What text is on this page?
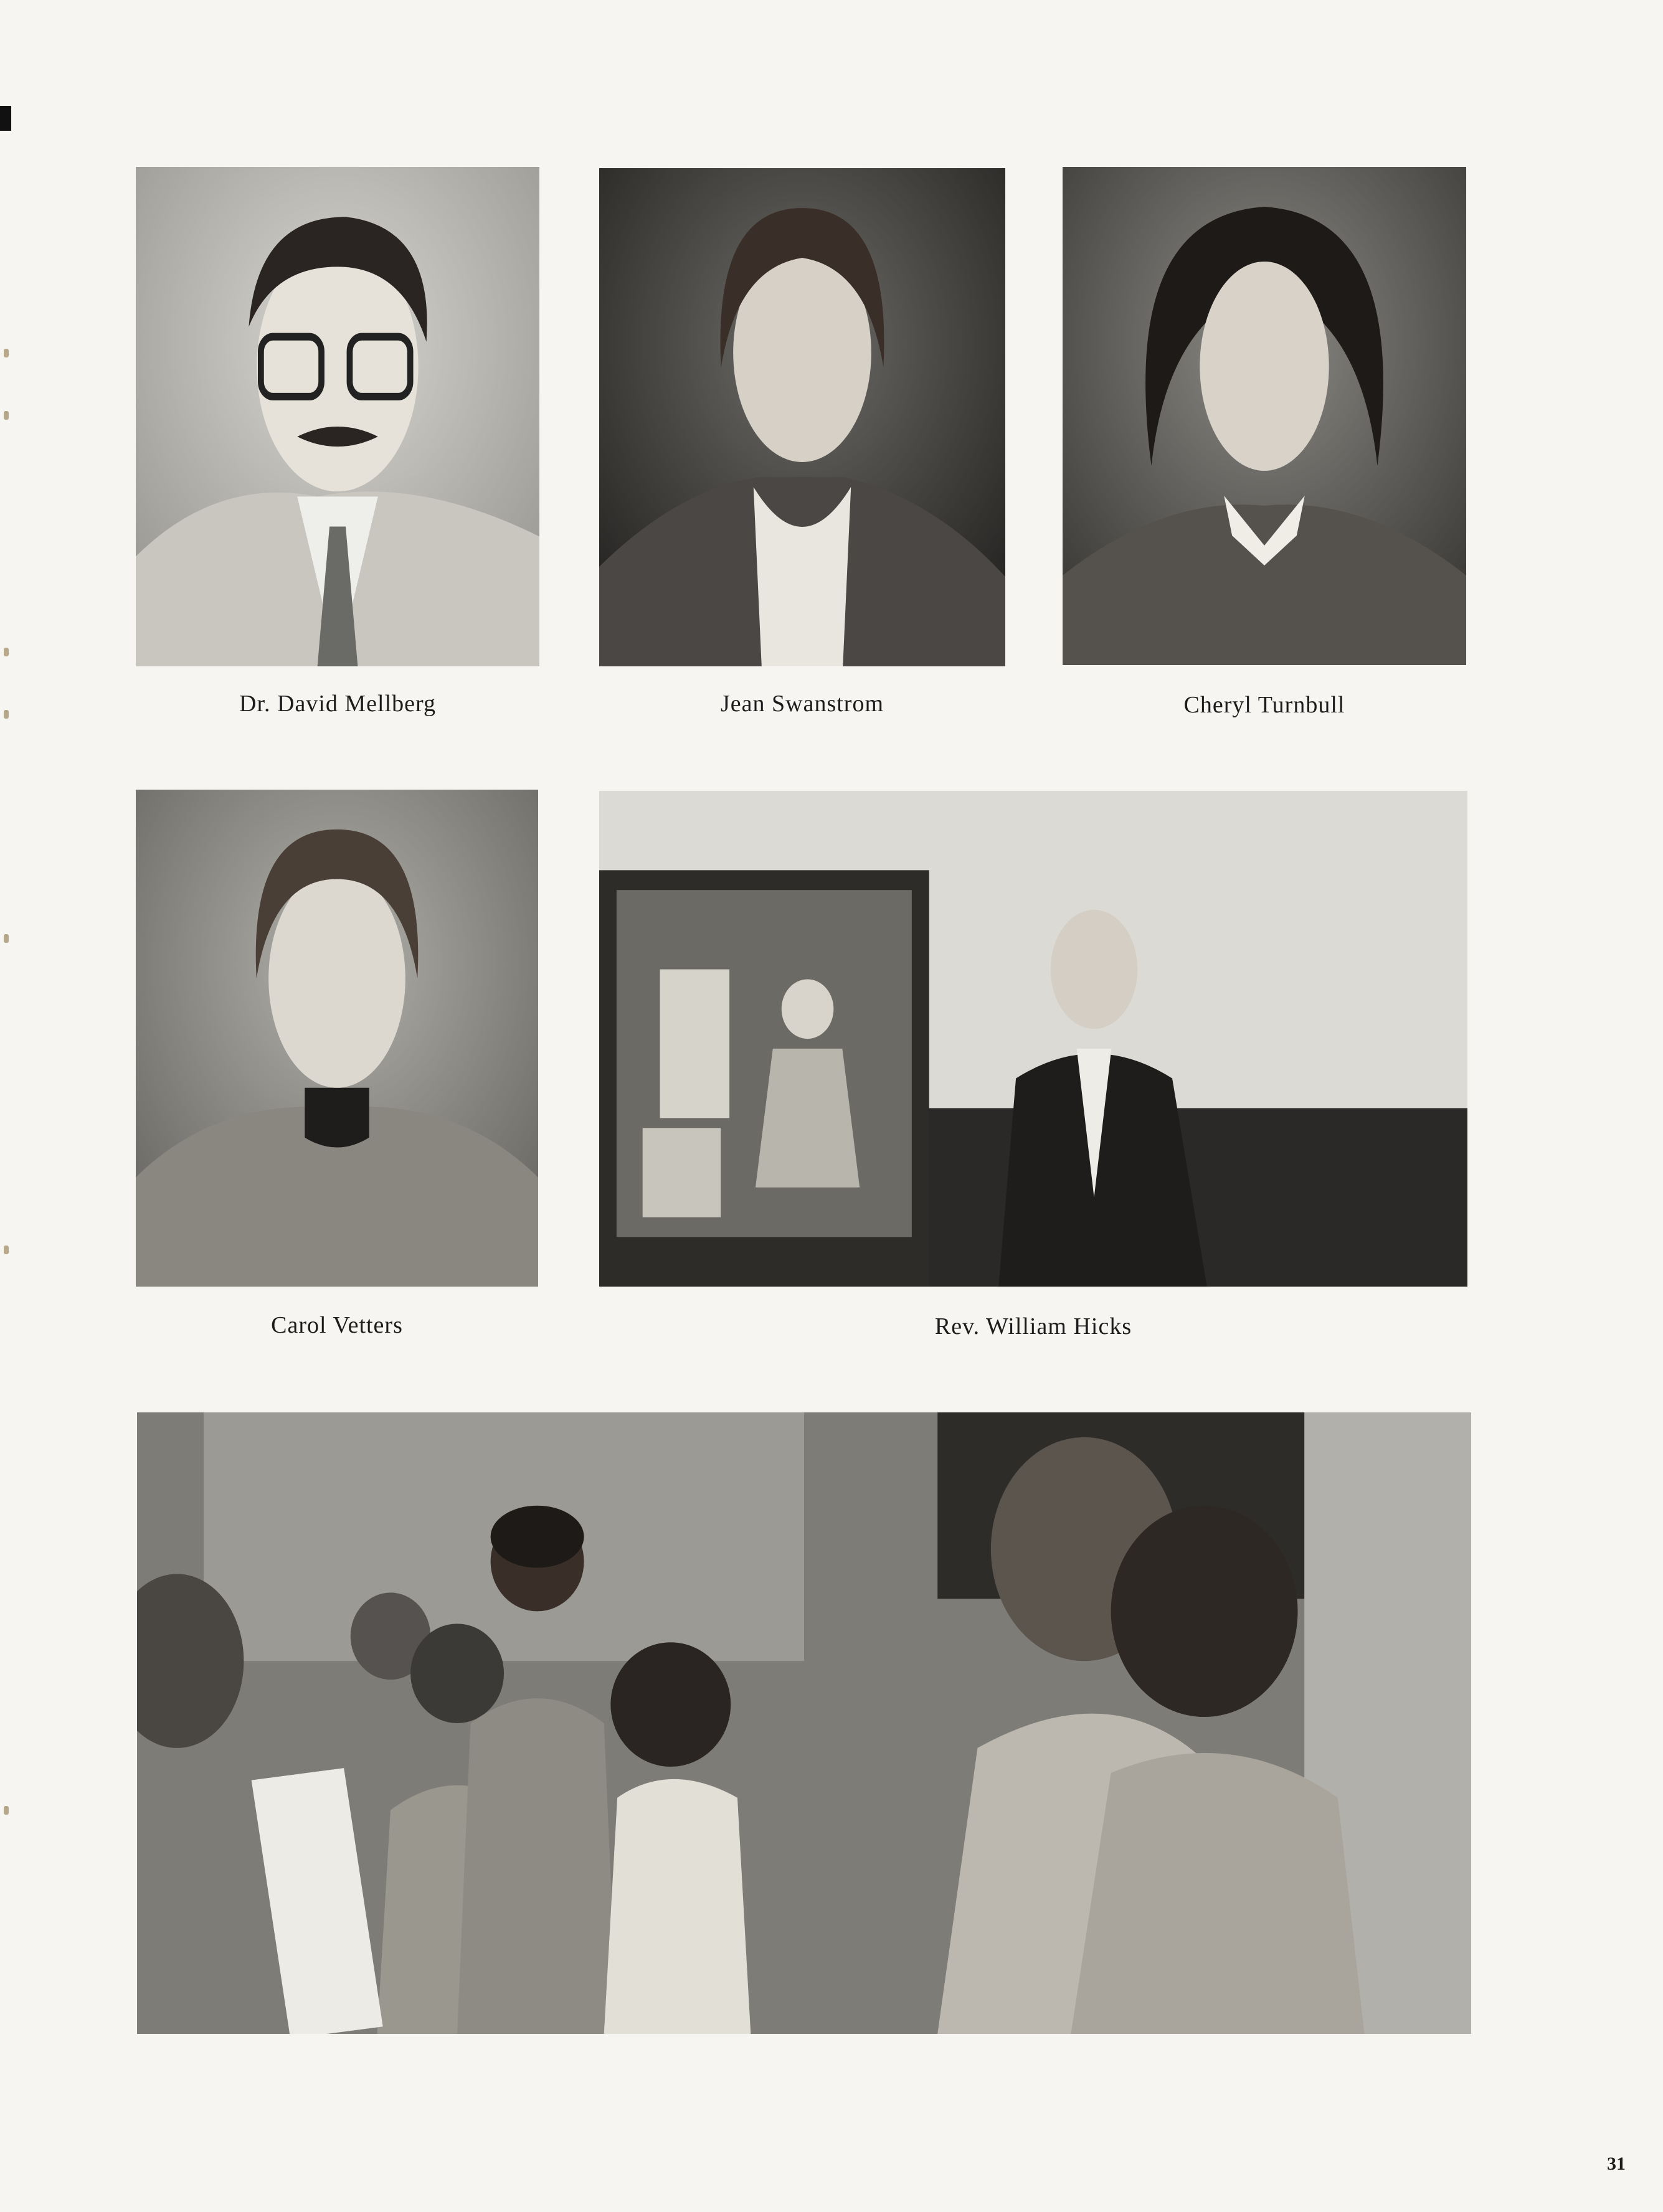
Dr. David Mellberg	Jean Swanstrom	Cheryl Turnbull
Carol Vetters	Rev. William Hicks
31
